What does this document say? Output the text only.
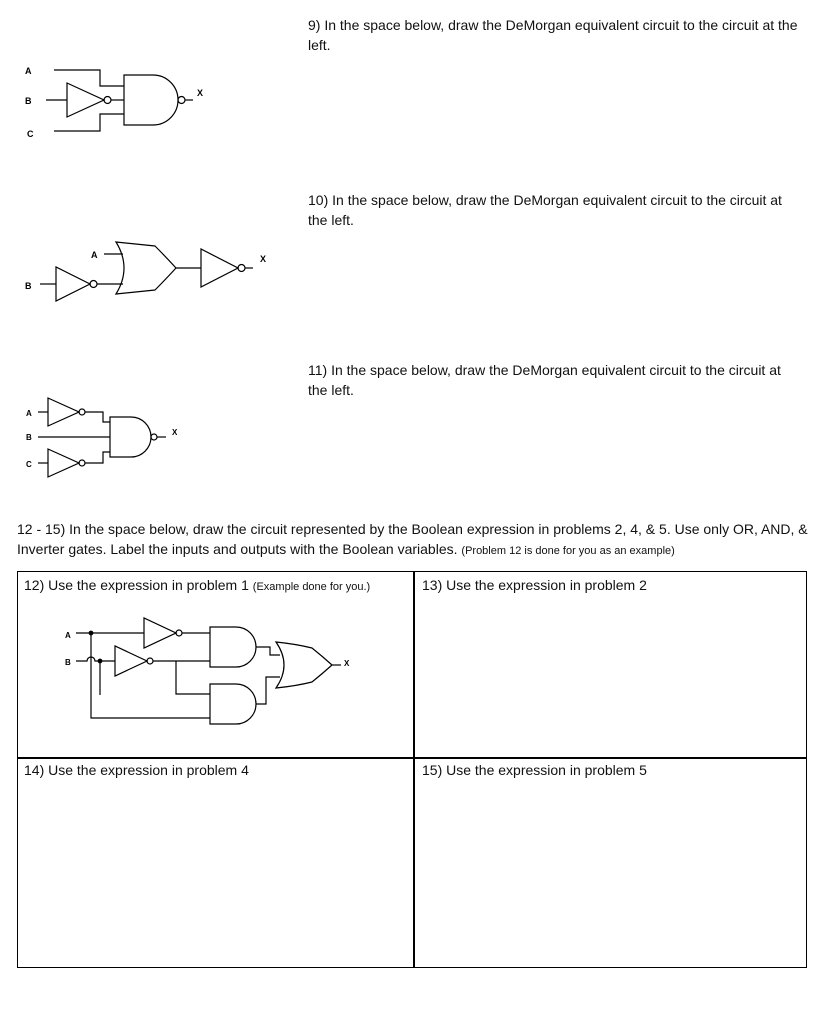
9) In the space below, draw the DeMorgan equivalent circuit to the circuit at the left.

10) In the space below, draw the DeMorgan equivalent circuit to the circuit at the left.

11) In the space below, draw the DeMorgan equivalent circuit to the circuit at the left.

12 - 15) In the space below, draw the circuit represented by the Boolean expression in problems 2, 4, & 5. Use only OR, AND, & Inverter gates. Label the inputs and outputs with the Boolean variables. (Problem 12 is done for you as an example)

12) Use the expression in problem 1 (Example done for you.)	13) Use the expression in problem 2

14) Use the expression in problem 4	15) Use the expression in problem 5

A
B
C
X
A
B
X
A
B
C
X
A
B	X
